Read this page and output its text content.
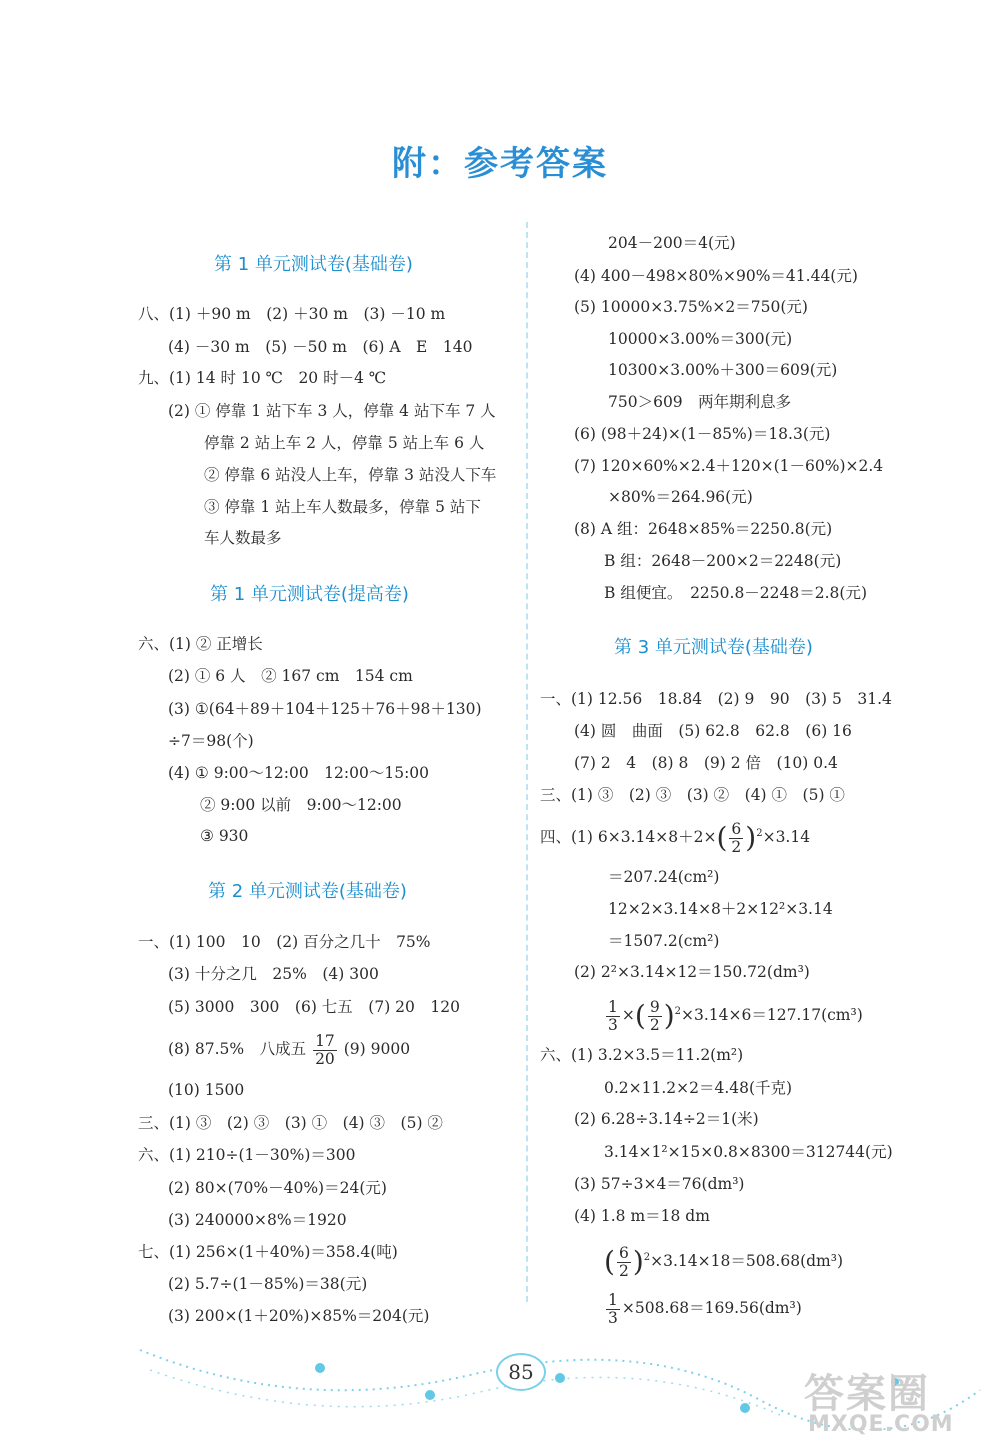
附：参考答案
第 1 单元测试卷(基础卷)
八、(1) ＋90 m　(2) ＋30 m　(3) －10 m
(4) －30 m　(5) －50 m　(6) A　E　140
九、(1) 14 时 10 ℃　20 时－4 ℃
(2) ① 停靠 1 站下车 3 人，停靠 4 站下车 7 人
停靠 2 站上车 2 人，停靠 5 站上车 6 人
② 停靠 6 站没人上车，停靠 3 站没人下车
③ 停靠 1 站上车人数最多，停靠 5 站下
车人数最多
第 1 单元测试卷(提高卷)
六、(1) ② 正增长
(2) ① 6 人　② 167 cm　154 cm
(3) ①(64＋89＋104＋125＋76＋98＋130)
÷7＝98(个)
(4) ① 9:00～12:00　12:00～15:00
② 9:00 以前　9:00～12:00
③ 930
第 2 单元测试卷(基础卷)
一、(1) 100　10　(2) 百分之几十　75%
(3) 十分之几　25%　(4) 300
(5) 3000　300　(6) 七五　(7) 20　120
(8) 87.5%　八成五 $\frac{17}{20} (9)$ 9000
(10) 1500
三、(1) ③　(2) ③　(3) ①　(4) ③　(5) ②
六、(1) 210÷(1－30%)＝300
(2) 80×(70%－40%)＝24(元)
(3) 240000×8%＝1920
七、(1) 256×(1＋40%)＝358.4(吨)
(2) 5.7÷(1－85%)＝38(元)
(3) 200×(1＋20%)×85%＝204(元)
204－200＝4(元)
(4) 400－498×80%×90%＝41.44(元)
(5) 10000×3.75%×2＝750(元)
10000×3.00%＝300(元)
10300×3.00%＋300＝609(元)
750＞609　两年期利息多
(6) (98＋24)×(1－85%)＝18.3(元)
(7) 120×60%×2.4＋120×(1－60%)×2.4
×80%＝264.96(元)
(8) A 组：2648×85%＝2250.8(元)
B 组：2648－200×2＝2248(元)
B 组便宜。　2250.8－2248＝2.8(元)
第 3 单元测试卷(基础卷)
一、(1) 12.56　18.84　(2) 9　90　(3) 5　31.4
(4) 圆　曲面　(5) 62.8　62.8　(6) 16
(7) 2　4　(8) 8　(9) 2 倍　(10) 0.4
三、(1) ③　(2) ③　(3) ②　(4) ①　(5) ①
四、(1) $6\times 3.14\times 8+2\times( \frac{6}{2} )^2\times 3.14$
＝207.24(cm²)
12×2×3.14×8＋2×12²×3.14
＝1507.2(cm²)
(2) 2²×3.14×12＝150.72(dm³)
$\frac{1}{3}$ ×( $\frac{9}{2} )^2\times 3.14\times 6=127.17(cm^3)$
六、(1) 3.2×3.5＝11.2(m²)
0.2×11.2×2＝4.48(千克)
(2) 6.28÷3.14÷2＝1(米)
3.14×1²×15×0.8×8300＝312744(元)
(3) 57÷3×4＝76(dm³)
(4) 1.8 m＝18 dm
( $\frac{6}{2} )^2\times 3.14\times 18=508.68(dm^3)$
$\frac{1}{3} \times 508.68=169.56(dm^3)$
85	答案圈
MXQE.COM
